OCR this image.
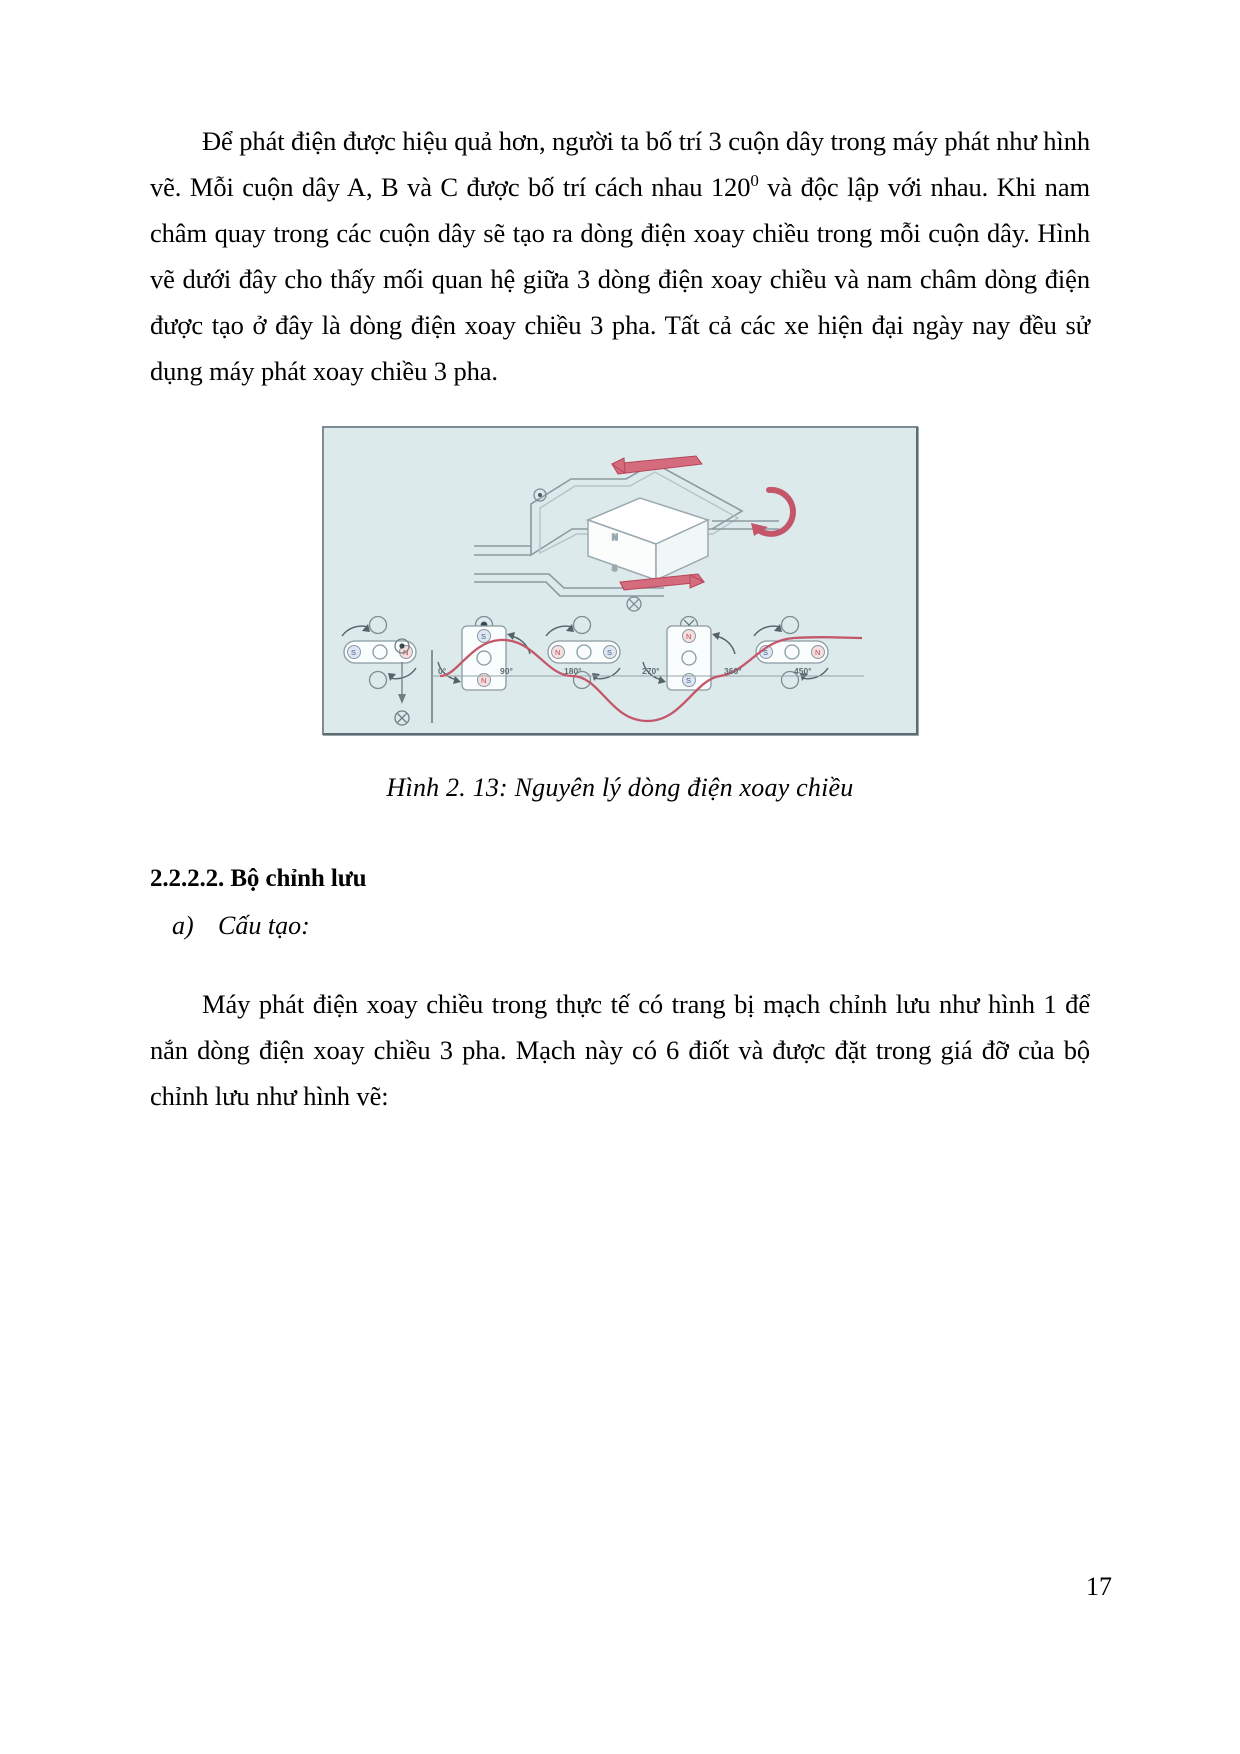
Để phát điện được hiệu quả hơn, người ta bố trí 3 cuộn dây trong máy phát như hình vẽ. Mỗi cuộn dây A, B và C được bố trí cách nhau $120^0$ và độc lập với nhau. Khi nam châm quay trong các cuộn dây sẽ tạo ra dòng điện xoay chiều trong mỗi cuộn dây. Hình vẽ dưới đây cho thấy mối quan hệ giữa 3 dòng điện xoay chiều và nam châm dòng điện được tạo ở đây là dòng điện xoay chiều 3 pha. Tất cả các xe hiện đại ngày nay đều sử dụng máy phát xoay chiều 3 pha.

N
S
S	N
S
N
N	S
N
S
S	N
0°	90°	180°	270°	360°	450°
Hình 2. 13: Nguyên lý dòng điện xoay chiều
2.2.2.2. Bộ chỉnh lưu

a) Cấu tạo:

Máy phát điện xoay chiều trong thực tế có trang bị mạch chỉnh lưu như hình 1 để nắn dòng điện xoay chiều 3 pha. Mạch này có 6 điốt và được đặt trong giá đỡ của bộ chỉnh lưu như hình vẽ:

17
